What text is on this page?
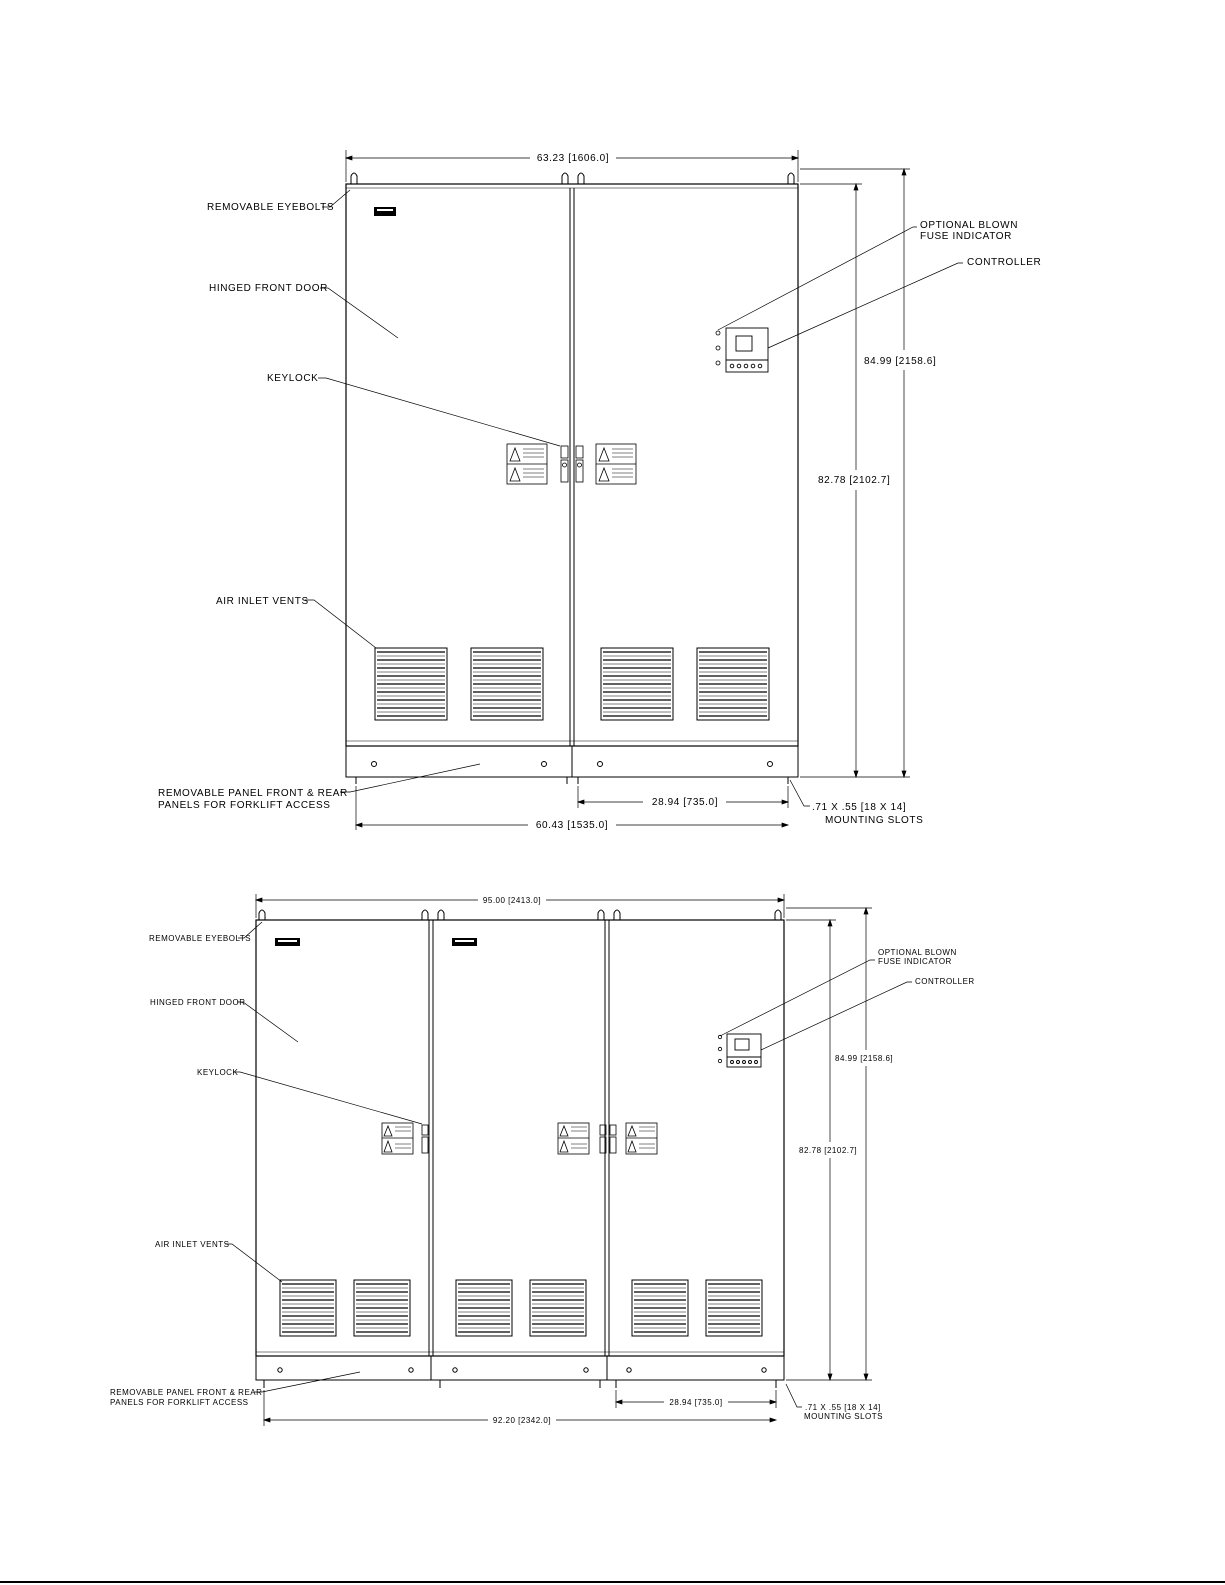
REMOVABLE EYEBOLTS
HINGED FRONT DOOR
KEYLOCK
AIR INLET VENTS
REMOVABLE PANEL FRONT & REAR
PANELS FOR FORKLIFT ACCESS
OPTIONAL BLOWN
FUSE INDICATOR
CONTROLLER
63.23 [1606.0]
84.99 [2158.6]
82.78 [2102.7]
28.94 [735.0]
60.43 [1535.0]
.71 X .55 [18 X 14]
MOUNTING SLOTS
REMOVABLE EYEBOLTS
HINGED FRONT DOOR
KEYLOCK
AIR INLET VENTS
REMOVABLE PANEL FRONT & REAR
PANELS FOR FORKLIFT ACCESS
OPTIONAL BLOWN
FUSE INDICATOR
CONTROLLER
95.00 [2413.0]
84.99 [2158.6]
82.78 [2102.7]
28.94 [735.0]
92.20 [2342.0]
.71 X .55 [18 X 14]
MOUNTING SLOTS
